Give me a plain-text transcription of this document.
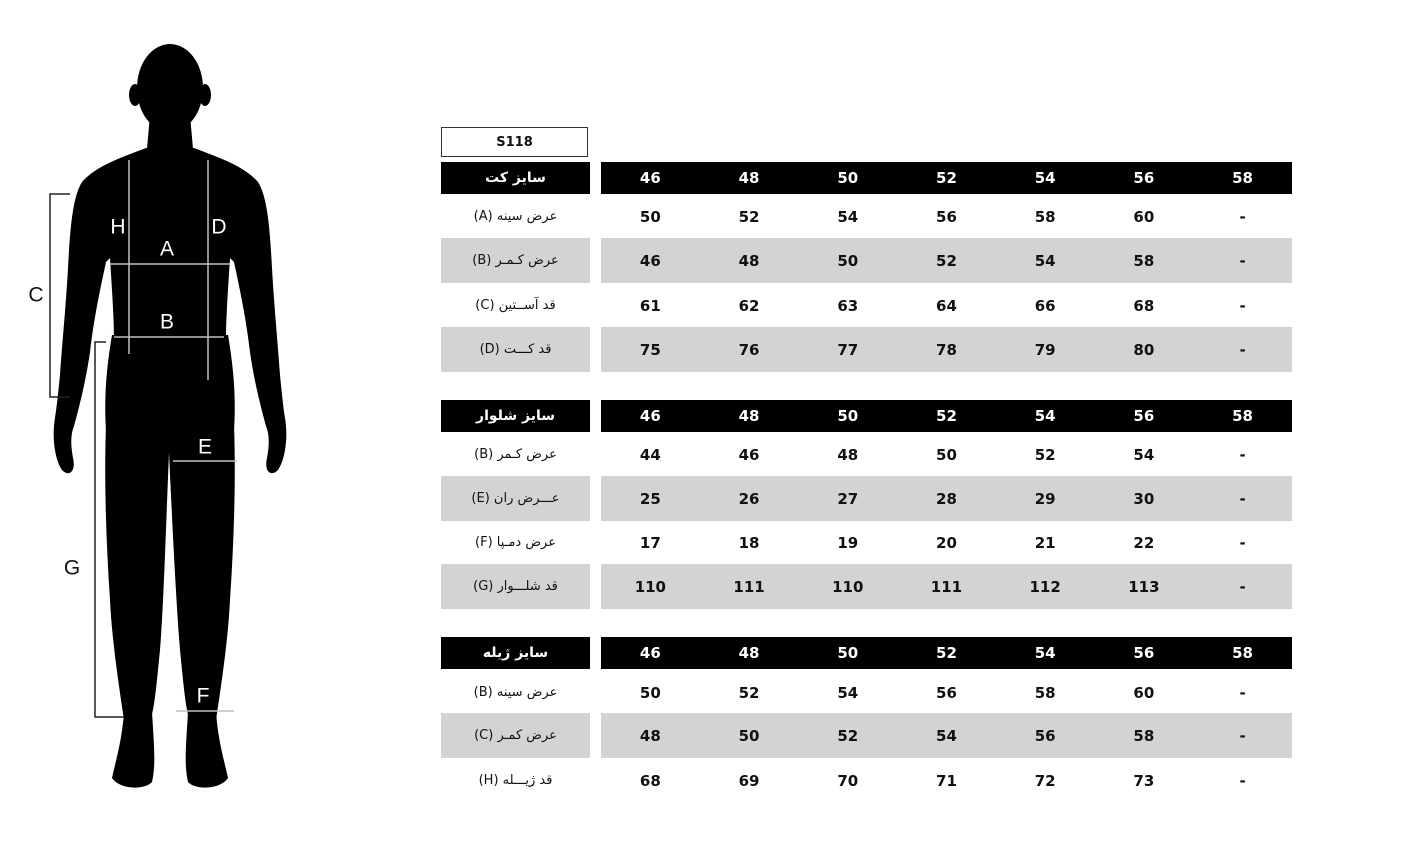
H	D
A
B
E
F
C
G
S118
سایز کت	46	48	50	52	54	56	58
عرض سینه (A)	50	52	54	56	58	60	-
عرض کـمـر (B)	46	48	50	52	54	58	-
قد آســتین (C)	61	62	63	64	66	68	-
قد کـــت (D)	75	76	77	78	79	80	-
سایز شلوار	46	48	50	52	54	56	58
عرض کـمر (B)	44	46	48	50	52	54	-
عـــرض ران (E)	25	26	27	28	29	30	-
عرض دمـپا (F)	17	18	19	20	21	22	-
قد شلـــوار (G)	110	111	110	111	112	113	-
سایز ژیله	46	48	50	52	54	56	58
عرض سینه (B)	50	52	54	56	58	60	-
عرض کمـر (C)	48	50	52	54	56	58	-
قد ژیـــله (H)	68	69	70	71	72	73	-
